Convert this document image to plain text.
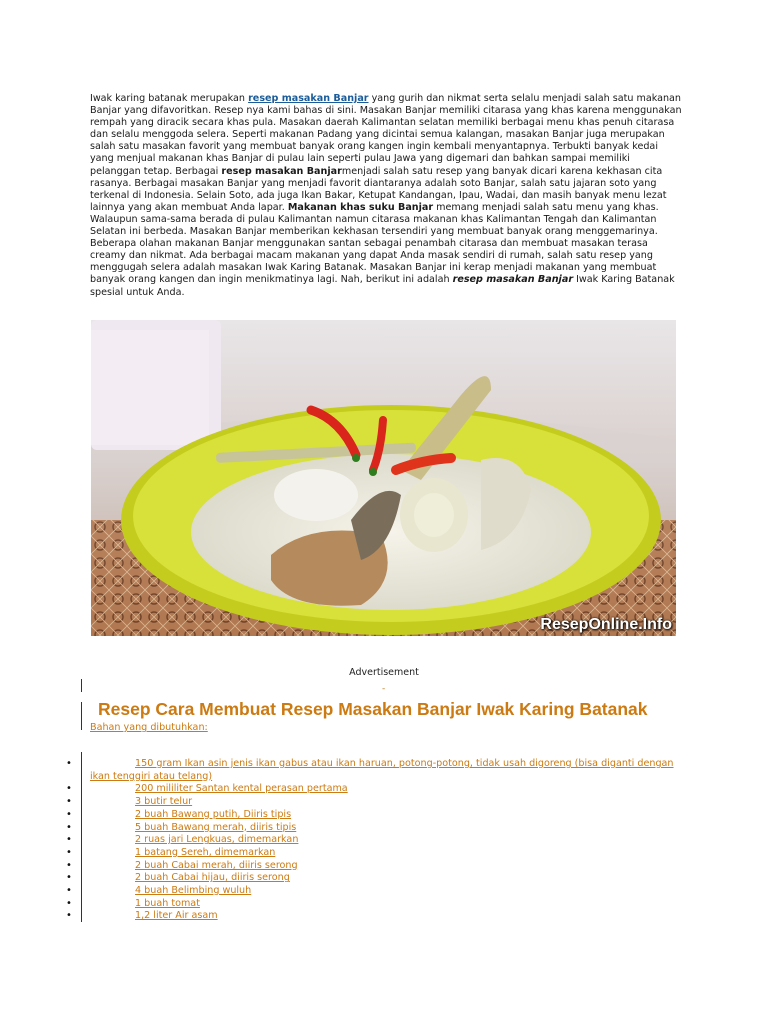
Iwak karing batanak merupakan resep masakan Banjar yang gurih dan nikmat serta selalu menjadi salah satu makanan Banjar yang difavoritkan. Resep nya kami bahas di sini. Masakan Banjar memiliki citarasa yang khas karena menggunakan rempah yang diracik secara khas pula. Masakan daerah Kalimantan selatan memiliki berbagai menu khas penuh citarasa dan selalu menggoda selera. Seperti makanan Padang yang dicintai semua kalangan, masakan Banjar juga merupakan salah satu masakan favorit yang membuat banyak orang kangen ingin kembali menyantapnya. Terbukti banyak kedai yang menjual makanan khas Banjar di pulau lain seperti pulau Jawa yang digemari dan bahkan sampai memiliki pelanggan tetap. Berbagai resep masakan Banjarmenjadi salah satu resep yang banyak dicari karena kekhasan cita rasanya. Berbagai masakan Banjar yang menjadi favorit diantaranya adalah soto Banjar, salah satu jajaran soto yang terkenal di Indonesia. Selain Soto, ada juga Ikan Bakar, Ketupat Kandangan, Ipau, Wadai, dan masih banyak menu lezat lainnya yang akan membuat Anda lapar. Makanan khas suku Banjar memang menjadi salah satu menu yang khas. Walaupun sama-sama berada di pulau Kalimantan namun citarasa makanan khas Kalimantan Tengah dan Kalimantan Selatan ini berbeda. Masakan Banjar memberikan kekhasan tersendiri yang membuat banyak orang menggemarinya. Beberapa olahan makanan Banjar menggunakan santan sebagai penambah citarasa dan membuat masakan terasa creamy dan nikmat. Ada berbagai macam makanan yang dapat Anda masak sendiri di rumah, salah satu resep yang menggugah selera adalah masakan Iwak Karing Batanak. Masakan Banjar ini kerap menjadi makanan yang membuat banyak orang kangen dan ingin menikmatinya lagi. Nah, berikut ini adalah resep masakan Banjar Iwak Karing Batanak spesial untuk Anda.

ResepOnline.Info
Advertisement
-
Resep Cara Membuat Resep Masakan Banjar Iwak Karing Batanak
Bahan yang dibutuhkan:
•	150 gram Ikan asin jenis ikan gabus atau ikan haruan, potong-potong, tidak usah digoreng (bisa diganti dengan ikan tenggiri atau telang)
•	200 mililiter Santan kental perasan pertama
•	3 butir telur
•	2 buah Bawang putih, Diiris tipis
•	5 buah Bawang merah, diiris tipis
•	2 ruas jari Lengkuas, dimemarkan
•	1 batang Sereh, dimemarkan
•	2 buah Cabai merah, diiris serong
•	2 buah Cabai hijau, diiris serong
•	4 buah Belimbing wuluh
•	1 buah tomat
•	1,2 liter Air asam
